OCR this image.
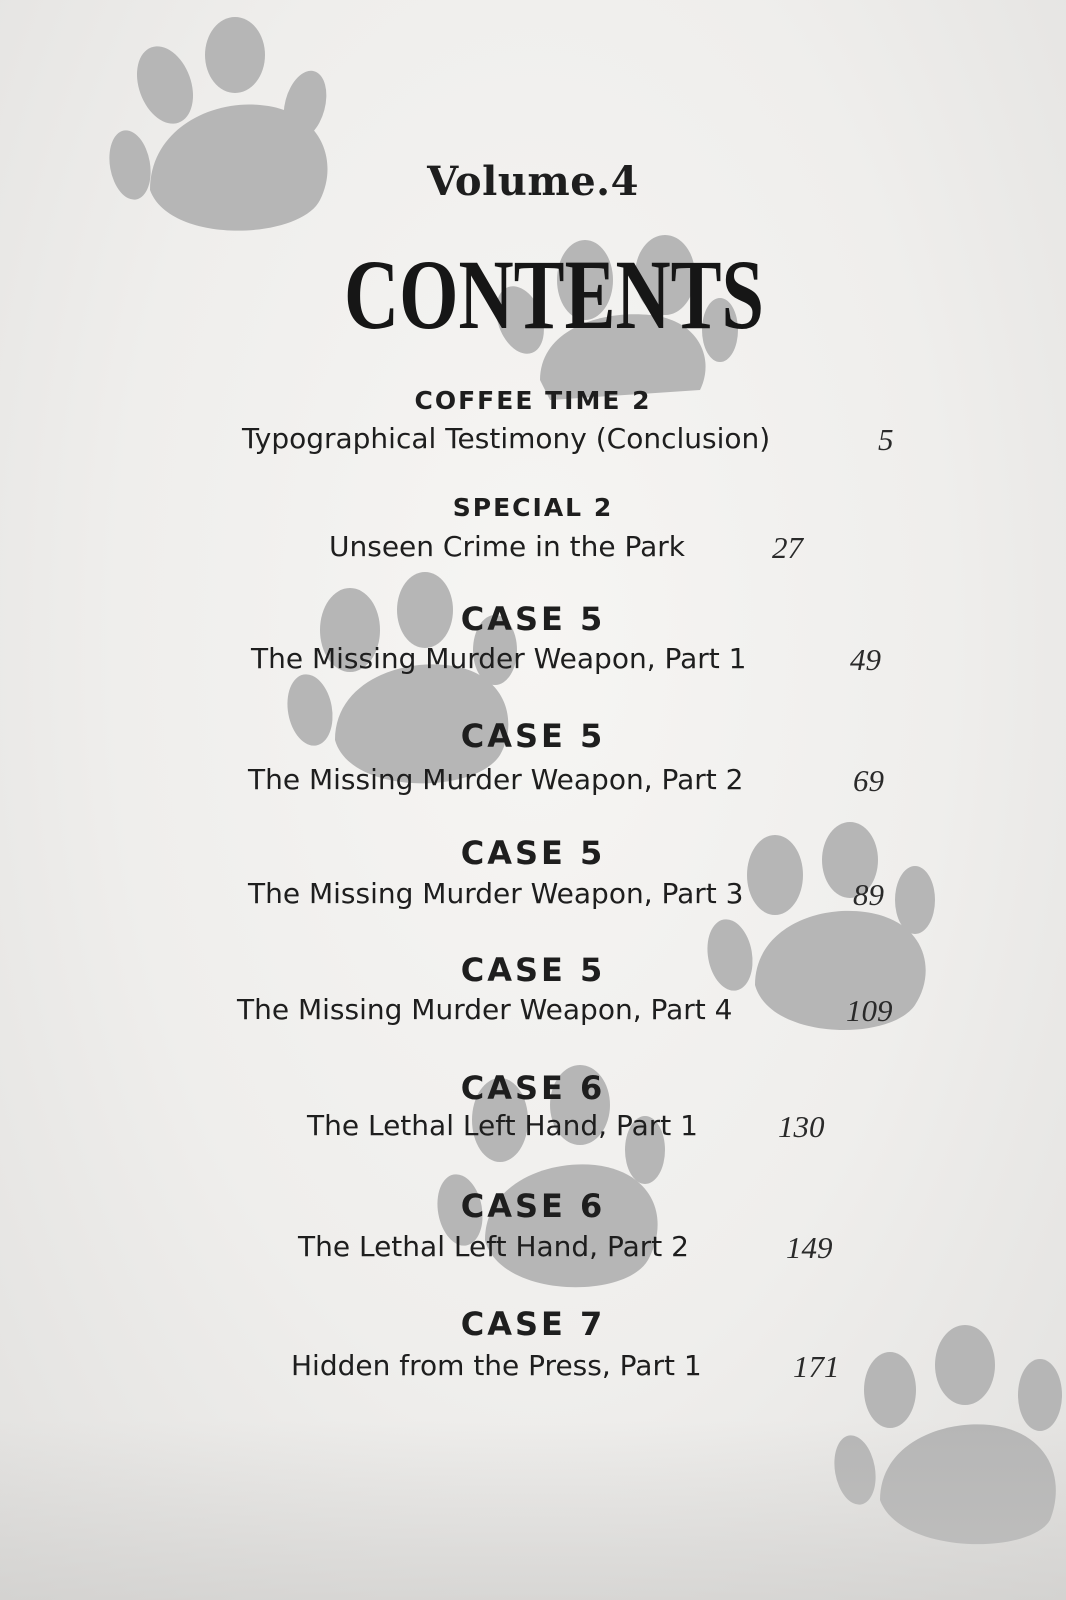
Volume.4
CONTENTS
COFFEE TIME 2
Typographical Testimony (Conclusion)	5
SPECIAL 2
Unseen Crime in the Park	27
CASE 5
The Missing Murder Weapon, Part 1	49
CASE 5
The Missing Murder Weapon, Part 2	69
CASE 5
The Missing Murder Weapon, Part 3	89
CASE 5
The Missing Murder Weapon, Part 4	109
CASE 6
The Lethal Left Hand, Part 1	130
CASE 6
The Lethal Left Hand, Part 2	149
CASE 7
Hidden from the Press, Part 1	171
